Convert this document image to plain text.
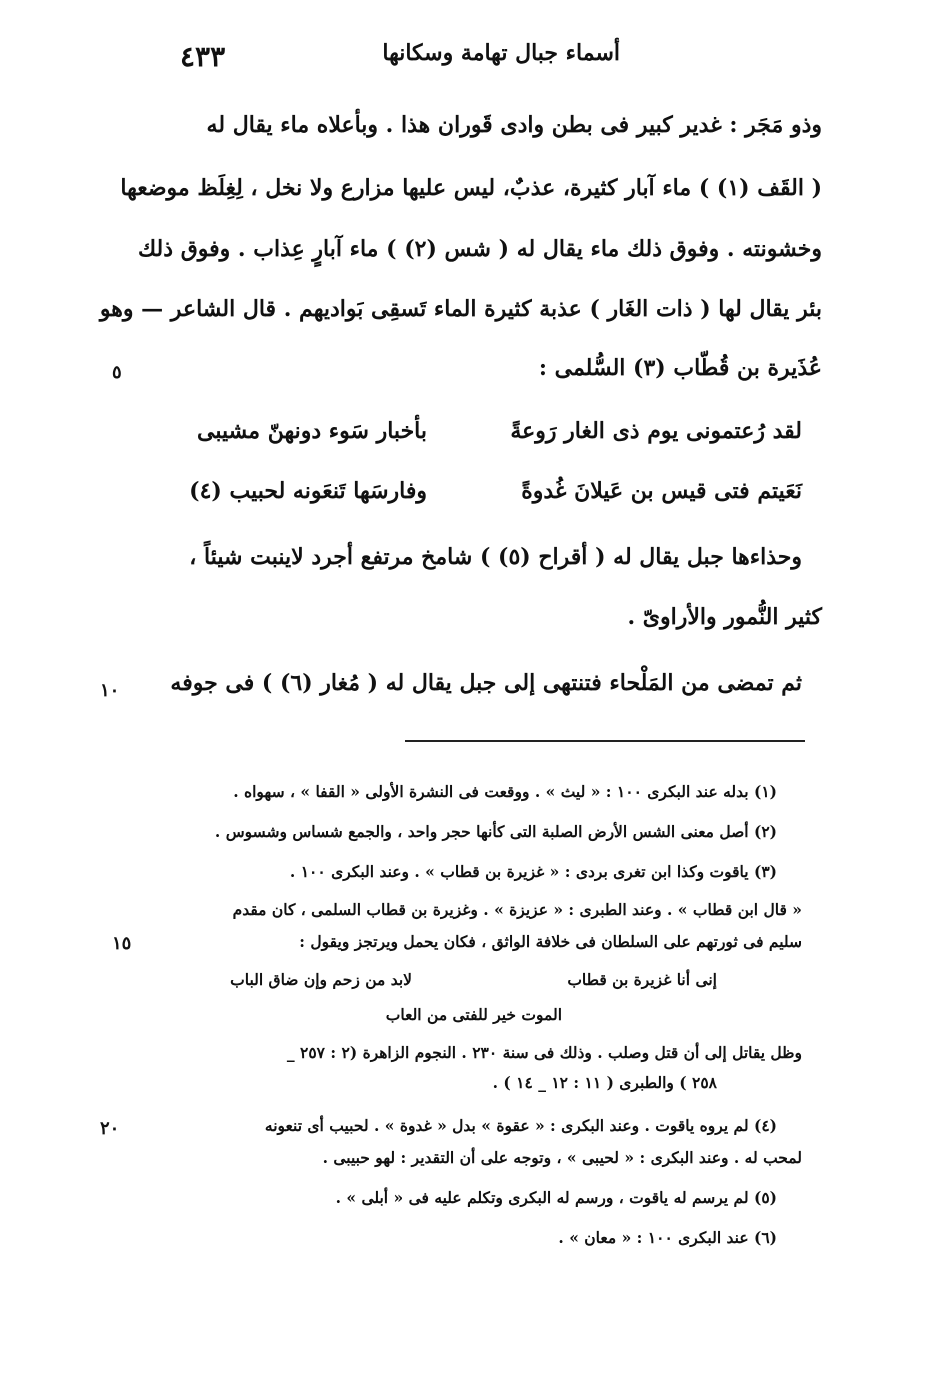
٤٣٣	أسماء جبال تهامة وسكانها
وذو مَجَر : غدير كبير فى بطن وادى قَوران هذا . وبأعلاه ماء يقال له
( القَف (١) ) ماء آبار كثيرة، عذبٌ، ليس عليها مزارع ولا نخل ، لِغِلَظ موضعها
وخشونته . وفوق ذلك ماء يقال له ( شس (٢) ) ماء آبارٍ عِذاب . وفوق ذلك
بئر يقال لها ( ذات الغَار ) عذبة كثيرة الماء تَسقِى بَواديهم . قال الشاعر — وهو
عُذَيرة بن قُطّاب (٣) السُّلمى :
٥
لقد رُعتمونى يوم ذى الغار رَوعةً
بأخبار سَوء دونهنّ مشيبى
نَعَيتم فتى قيس بن عَيلانَ غُدوةً
وفارسَها تَنعَونه لحبيب (٤)
وحذاءها جبل يقال له ( أقراح (٥) ) شامخ مرتفع أجرد لاينبت شيئاً ،
كثير النُّمور والأراوىّ .
ثم تمضى من المَلْحاء فتنتهى إلى جبل يقال له ( مُغار (٦) ) فى جوفه
١٠
(١) بدله عند البكرى ١٠٠ : « ليث » . ووقعت فى النشرة الأولى « القفا » ، سهواه .
(٢) أصل معنى الشس الأرض الصلبة التى كأنها حجر واحد ، والجمع شساس وشسوس .
(٣) ياقوت وكذا ابن تغرى بردى : « غزيرة بن قطاب » . وعند البكرى ١٠٠ .
« قال ابن قطاب » . وعند الطبرى : « عزيزة » . وغزيرة بن قطاب السلمى ، كان مقدم
سليم فى ثورتهم على السلطان فى خلافة الواثق ، فكان يحمل ويرتجز ويقول :
١٥
لابد من زحم وإن ضاق الباب	إنى أنا غزيرة بن قطاب
الموت خير للفتى من العاب
وظل يقاتل إلى أن قتل وصلب . وذلك فى سنة ٢٣٠ . النجوم الزاهرة (٢ : ٢٥٧ _
٢٥٨ ) والطبرى ( ١١ : ١٢ _ ١٤ ) .
(٤) لم يروه ياقوت . وعند البكرى : « عقوة » بدل « غدوة » . لحبيب أى تنعونه
٢٠
لمحب له . وعند البكرى : « لحيبى » ، وتوجه على أن التقدير : لهو حبيبى .
(٥) لم يرسم له ياقوت ، ورسم له البكرى وتكلم عليه فى « أبلى » .
(٦) عند البكرى ١٠٠ : « معان » .
